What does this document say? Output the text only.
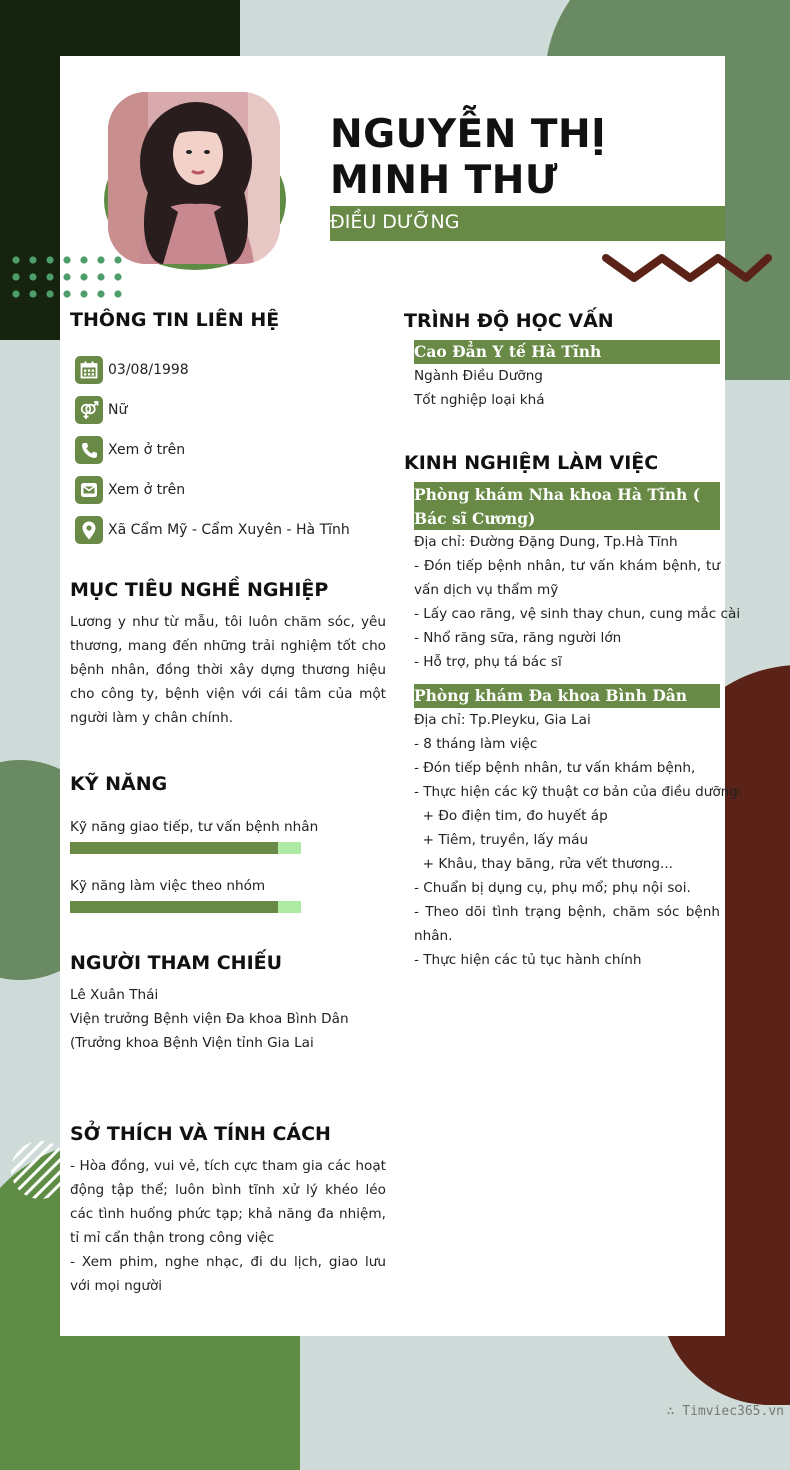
NGUYỄN THỊ MINH THƯ
ĐIỀU DƯỠNG
THÔNG TIN LIÊN HỆ
03/08/1998
Nữ
Xem ở trên
Xem ở trên
Xã Cẩm Mỹ - Cẩm Xuyên - Hà Tĩnh
MỤC TIÊU NGHỀ NGHIỆP
Lương y như từ mẫu, tôi luôn chăm sóc, yêu thương, mang đến những trải nghiệm tốt cho bệnh nhân, đồng thời xây dựng thương hiệu cho công ty, bệnh viện với cái tâm của một người làm y chân chính.
KỸ NĂNG
Kỹ năng giao tiếp, tư vấn bệnh nhân
Kỹ năng làm việc theo nhóm
NGƯỜI THAM CHIẾU
Lê Xuân Thái
Viện trưởng Bệnh viện Đa khoa Bình Dân
(Trưởng khoa Bệnh Viện tỉnh Gia Lai
SỞ THÍCH VÀ TÍNH CÁCH
- Hòa đồng, vui vẻ, tích cực tham gia các hoạt động tập thể; luôn bình tĩnh xử lý khéo léo các tình huống phức tạp; khả năng đa nhiệm, tỉ mỉ cẩn thận trong công việc
- Xem phim, nghe nhạc, đi du lịch, giao lưu với mọi người
TRÌNH ĐỘ HỌC VẤN
Cao Đẳn Y tế Hà Tĩnh
Ngành Điều Dưỡng
Tốt nghiệp loại khá
KINH NGHIỆM LÀM VIỆC
Phòng khám Nha khoa Hà Tĩnh ( Bác sĩ Cương)
Địa chỉ: Đường Đặng Dung, Tp.Hà Tĩnh
- Đón tiếp bệnh nhân, tư vấn khám bệnh, tư vấn dịch vụ thẩm mỹ
- Lấy cao răng, vệ sinh thay chun, cung mắc cài
- Nhổ răng sữa, răng người lớn
- Hỗ trợ, phụ tá bác sĩ
Phòng khám Đa khoa Bình Dân
Địa chỉ: Tp.Pleyku, Gia Lai
- 8 tháng làm việc
- Đón tiếp bệnh nhân, tư vấn khám bệnh,
- Thực hiện các kỹ thuật cơ bản của điều dưỡng:
+ Đo điện tim, đo huyết áp
+ Tiêm, truyền, lấy máu
+ Khâu, thay băng, rửa vết thương...
- Chuẩn bị dụng cụ, phụ mổ; phụ nội soi.
- Theo dõi tình trạng bệnh, chăm sóc bệnh nhân.
- Thực hiện các tủ tục hành chính
∴ Timviec365.vn
